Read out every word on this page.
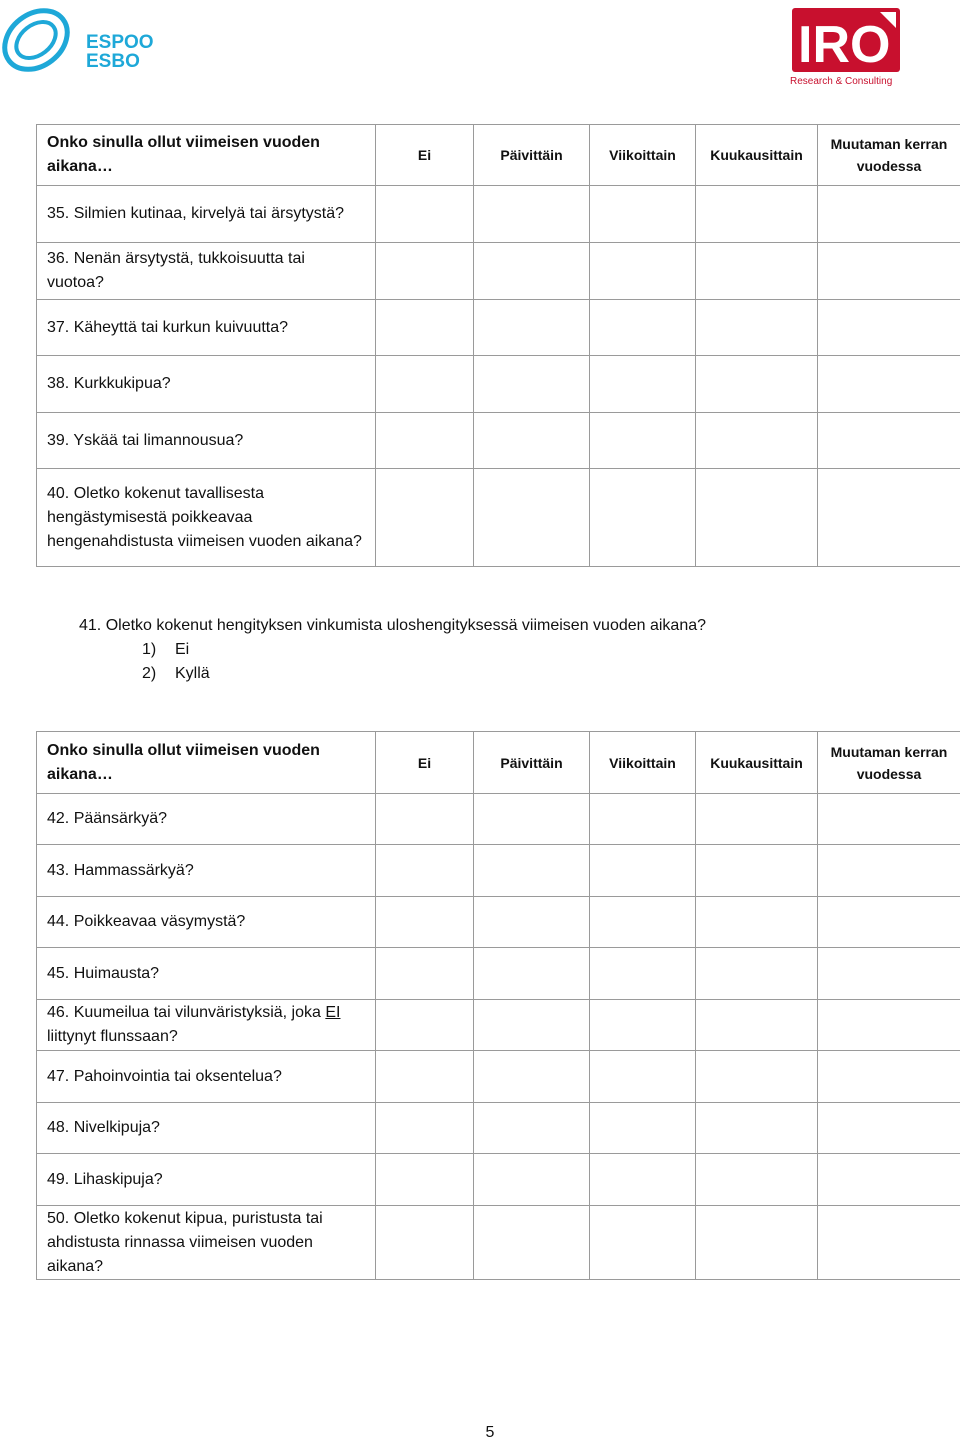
ESPOO
ESBO	IRO
Research & Consulting
Onko sinulla ollut viimeisen vuoden aikana…	Ei	Päivittäin	Viikoittain	Kuukausittain	Muutaman kerran vuodessa
35. Silmien kutinaa, kirvelyä tai ärsytystä?					
36. Nenän ärsytystä, tukkoisuutta tai vuotoa?					
37. Käheyttä tai kurkun kuivuutta?					
38. Kurkkukipua?					
39. Yskää tai limannousua?					
40. Oletko kokenut tavallisesta hengästymisestä poikkeavaa hengenahdistusta viimeisen vuoden aikana?					
41. Oletko kokenut hengityksen vinkumista uloshengityksessä viimeisen vuoden aikana?
1)	Ei
2)	Kyllä
Onko sinulla ollut viimeisen vuoden aikana…	Ei	Päivittäin	Viikoittain	Kuukausittain	Muutaman kerran vuodessa
42. Päänsärkyä?					
43. Hammassärkyä?					
44. Poikkeavaa väsymystä?					
45. Huimausta?					
46. Kuumeilua tai vilunväristyksiä, joka EI liittynyt flunssaan?					
47. Pahoinvointia tai oksentelua?					
48. Nivelkipuja?					
49. Lihaskipuja?					
50. Oletko kokenut kipua, puristusta tai ahdistusta rinnassa viimeisen vuoden aikana?					
5
